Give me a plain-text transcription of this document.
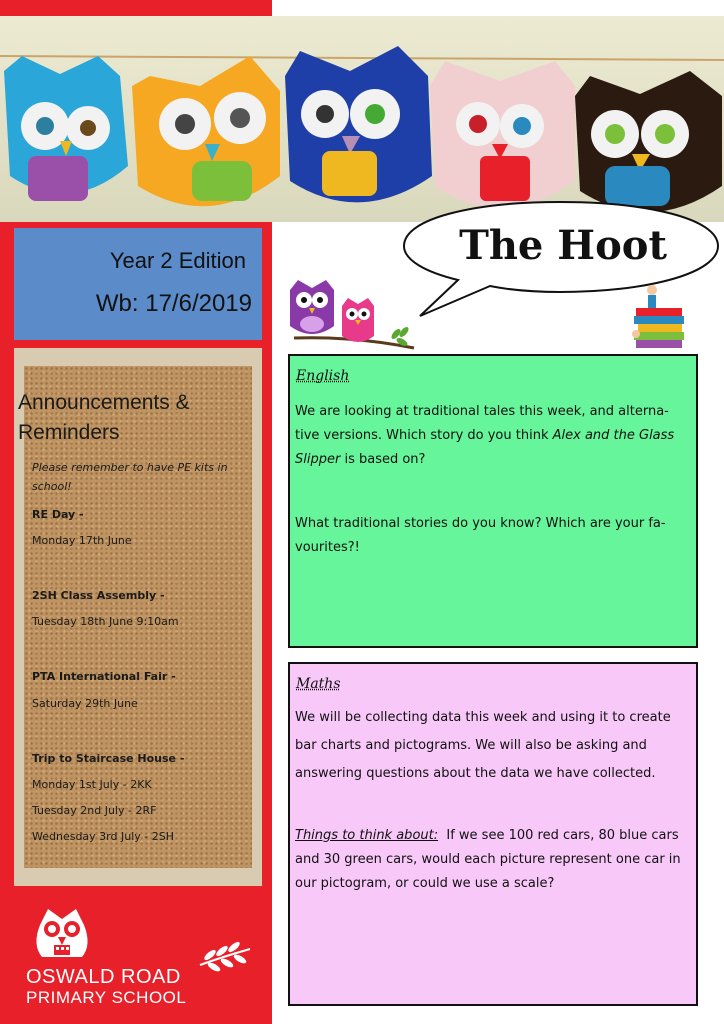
Year 2 Edition
Wb: 17/6/2019
Announcements & Reminders
Please remember to have PE kits in school!
RE Day -
Monday 17th June
2SH Class Assembly -
Tuesday 18th June 9:10am
PTA International Fair -
Saturday 29th June
Trip to Staircase House -
Monday 1st July - 2KK
Tuesday 2nd July - 2RF
Wednesday 3rd July - 2SH
OSWALD ROAD
PRIMARY SCHOOL
The Hoot
English
We are looking at traditional tales this week, and alterna-tive versions. Which story do you think Alex and the Glass Slipper is based on?
What traditional stories do you know? Which are your fa-vourites?!
Maths
We will be collecting data this week and using it to create bar charts and pictograms. We will also be asking and answering questions about the data we have collected.
Things to think about: If we see 100 red cars, 80 blue cars and 30 green cars, would each picture represent one car in our pictogram, or could we use a scale?
